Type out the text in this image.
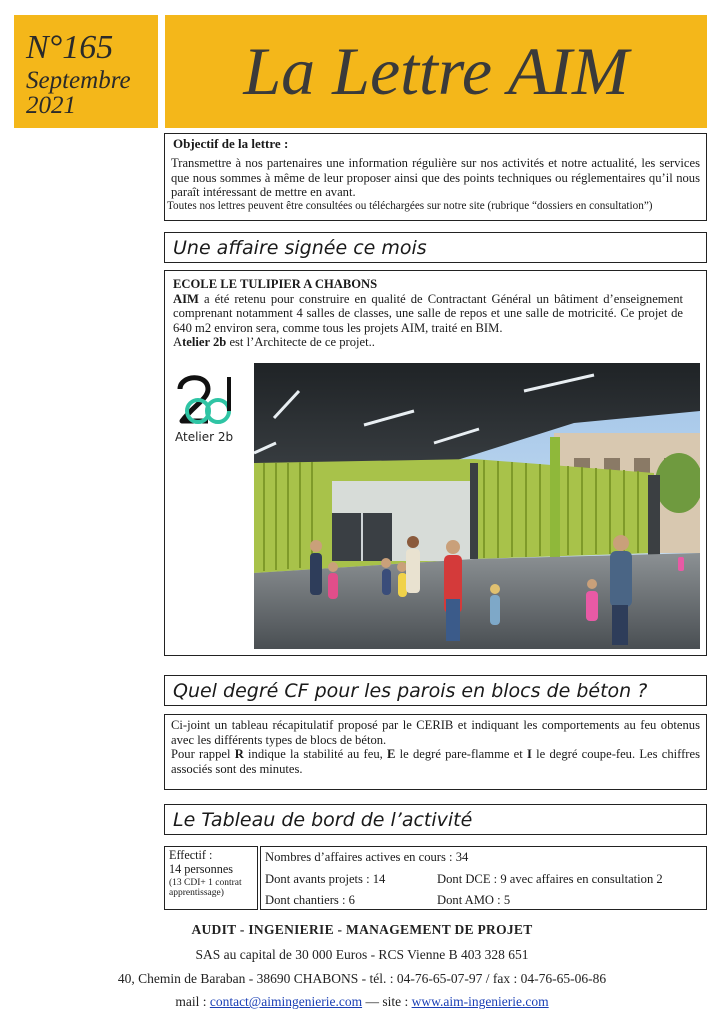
N°165
Septembre
2021	La Lettre AIM
Objectif de la lettre :
Transmettre à nos partenaires une information régulière sur nos activités et notre actualité, les services que nous sommes à même de leur proposer ainsi que des points techniques ou réglementaires qu’il nous paraît intéressant de mettre en avant.
Toutes nos lettres peuvent être consultées ou téléchargées sur notre site (rubrique “dossiers en consultation”)
Une affaire signée ce mois

ECOLE LE TULIPIER A CHABONS

AIM a été retenu pour construire en qualité de Contractant Général un bâtiment d’enseignement comprenant notamment 4 salles de classes, une salle de repos et une salle de motricité. Ce projet de 640 m2 environ sera, comme tous les projets AIM, traité en BIM.

Atelier 2b est l’Architecte de ce projet..

Atelier 2b
Quel degré CF pour les parois en blocs de béton ?

Ci-joint un tableau récapitulatif proposé par le CERIB et indiquant les comportements au feu obtenus avec les différents types de blocs de béton.

Pour rappel R indique la stabilité au feu, E le degré pare-flamme et I le degré coupe-feu. Les chiffres associés sont des minutes.

Le Tableau de bord de l’activité
Effectif :
14 personnes
(13 CDI+ 1 contrat apprentissage)
Nombres d’affaires actives en cours : 34
Dont avants projets : 14	Dont DCE : 9 avec affaires en consultation 2
Dont chantiers : 6	Dont AMO : 5
AUDIT - INGENIERIE - MANAGEMENT DE PROJET
SAS au capital de 30 000 Euros - RCS Vienne B 403 328 651
40, Chemin de Baraban - 38690 CHABONS - tél. : 04-76-65-07-97 / fax : 04-76-65-06-86
mail : contact@aimingenierie.com — site : www.aim-ingenierie.com
